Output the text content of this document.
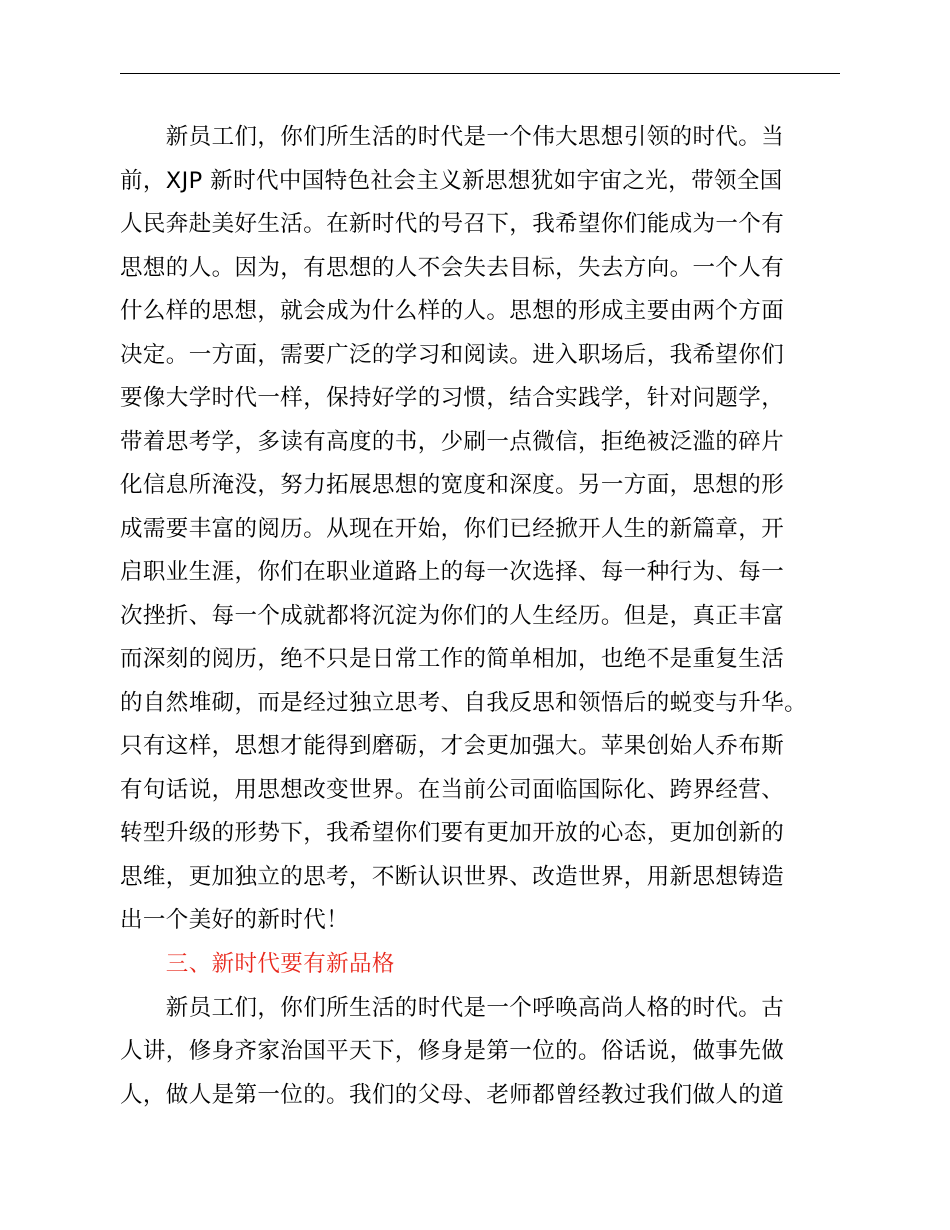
　　新员工们，你们所生活的时代是一个伟大思想引领的时代。当
前，XJP 新时代中国特色社会主义新思想犹如宇宙之光，带领全国
人民奔赴美好生活。在新时代的号召下，我希望你们能成为一个有
思想的人。因为，有思想的人不会失去目标，失去方向。一个人有
什么样的思想，就会成为什么样的人。思想的形成主要由两个方面
决定。一方面，需要广泛的学习和阅读。进入职场后，我希望你们
要像大学时代一样，保持好学的习惯，结合实践学，针对问题学，
带着思考学，多读有高度的书，少刷一点微信，拒绝被泛滥的碎片
化信息所淹没，努力拓展思想的宽度和深度。另一方面，思想的形
成需要丰富的阅历。从现在开始，你们已经掀开人生的新篇章，开
启职业生涯，你们在职业道路上的每一次选择、每一种行为、每一
次挫折、每一个成就都将沉淀为你们的人生经历。但是，真正丰富
而深刻的阅历，绝不只是日常工作的简单相加，也绝不是重复生活
的自然堆砌，而是经过独立思考、自我反思和领悟后的蜕变与升华。
只有这样，思想才能得到磨砺，才会更加强大。苹果创始人乔布斯
有句话说，用思想改变世界。在当前公司面临国际化、跨界经营、
转型升级的形势下，我希望你们要有更加开放的心态，更加创新的
思维，更加独立的思考，不断认识世界、改造世界，用新思想铸造
出一个美好的新时代！
　　三、新时代要有新品格
　　新员工们，你们所生活的时代是一个呼唤高尚人格的时代。古
人讲，修身齐家治国平天下，修身是第一位的。俗话说，做事先做
人，做人是第一位的。我们的父母、老师都曾经教过我们做人的道
